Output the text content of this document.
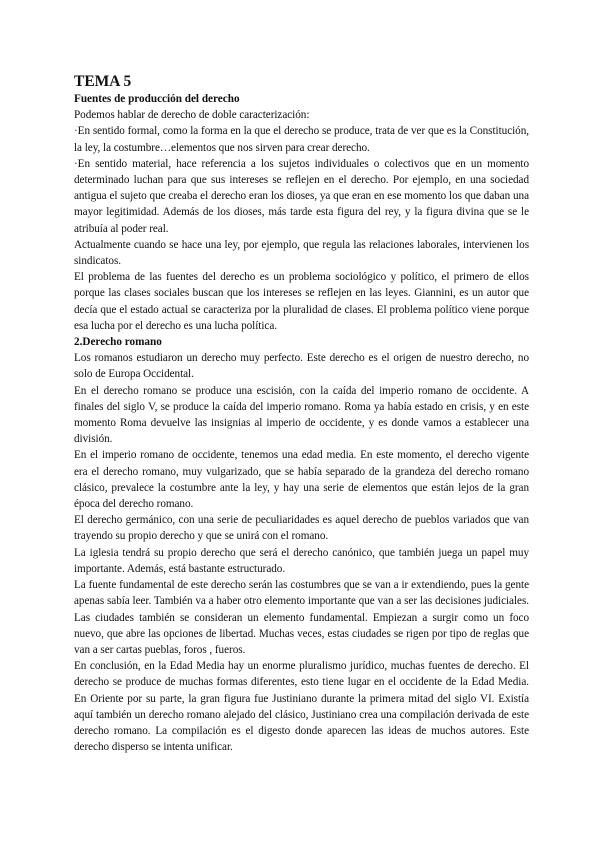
TEMA 5
Fuentes de producción del derecho

Podemos hablar de derecho de doble caracterización:

·En sentido formal, como la forma en la que el derecho se produce, trata de ver que es la Constitución, la ley, la costumbre…elementos que nos sirven para crear derecho.

·En sentido material, hace referencia a los sujetos individuales o colectivos que en un momento determinado luchan para que sus intereses se reflejen en el derecho. Por ejemplo, en una sociedad antigua el sujeto que creaba el derecho eran los dioses, ya que eran en ese momento los que daban una mayor legitimidad. Además de los dioses, más tarde esta figura del rey, y la figura divina que se le atribuía al poder real.

Actualmente cuando se hace una ley, por ejemplo, que regula las relaciones laborales, intervienen los sindicatos.

El problema de las fuentes del derecho es un problema sociológico y político, el primero de ellos porque las clases sociales buscan que los intereses se reflejen en las leyes. Giannini, es un autor que decía que el estado actual se caracteriza por la pluralidad de clases. El problema político viene porque esa lucha por el derecho es una lucha política.

2.Derecho romano

Los romanos estudiaron un derecho muy perfecto. Este derecho es el origen de nuestro derecho, no solo de Europa Occidental.

En el derecho romano se produce una escisión, con la caída del imperio romano de occidente. A finales del siglo V, se produce la caída del imperio romano. Roma ya había estado en crisis, y en este momento Roma devuelve las insignias al imperio de occidente, y es donde vamos a establecer una división.

En el imperio romano de occidente, tenemos una edad media. En este momento, el derecho vigente era el derecho romano, muy vulgarizado, que se había separado de la grandeza del derecho romano clásico, prevalece la costumbre ante la ley, y hay una serie de elementos que están lejos de la gran época del derecho romano.

El derecho germánico, con una serie de peculiaridades es aquel derecho de pueblos variados que van trayendo su propio derecho y que se unirá con el romano.

La iglesia tendrá su propio derecho que será el derecho canónico, que también juega un papel muy importante. Además, está bastante estructurado.

La fuente fundamental de este derecho serán las costumbres que se van a ir extendiendo, pues la gente apenas sabía leer. También va a haber otro elemento importante que van a ser las decisiones judiciales. Las ciudades también se consideran un elemento fundamental. Empiezan a surgir como un foco nuevo, que abre las opciones de libertad. Muchas veces, estas ciudades se rigen por tipo de reglas que van a ser cartas pueblas, foros , fueros.

En conclusión, en la Edad Media hay un enorme pluralismo jurídico, muchas fuentes de derecho. El derecho se produce de muchas formas diferentes, esto tiene lugar en el occidente de la Edad Media. En Oriente por su parte, la gran figura fue Justiniano durante la primera mitad del siglo VI. Existía aquí también un derecho romano alejado del clásico, Justiniano crea una compilación derivada de este derecho romano. La compilación es el digesto donde aparecen las ideas de muchos autores. Este derecho disperso se intenta unificar.
